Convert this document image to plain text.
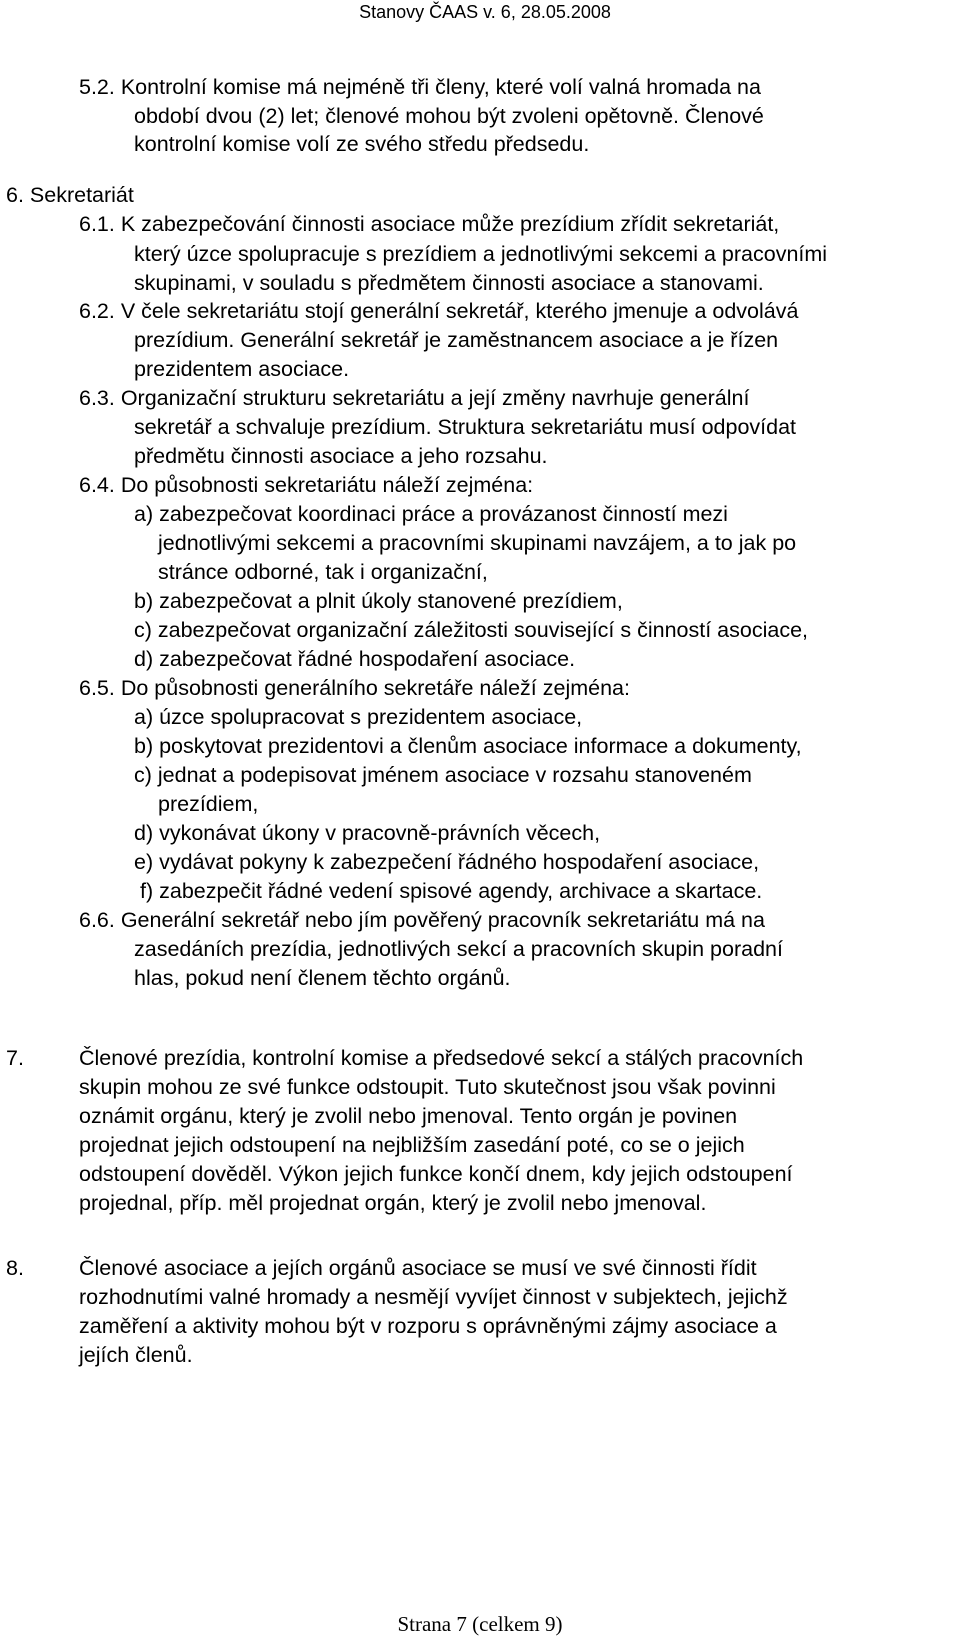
Stanovy ČAAS v. 6, 28.05.2008
5.2. Kontrolní komise má nejméně tři členy, které volí valná hromada na
období dvou (2) let; členové mohou být zvoleni opětovně. Členové
kontrolní komise volí ze svého středu předsedu.
6. Sekretariát
6.1. K zabezpečování činnosti asociace může prezídium zřídit sekretariát,
který úzce spolupracuje s prezídiem a jednotlivými sekcemi a pracovními
skupinami, v souladu s předmětem činnosti asociace a stanovami.
6.2. V čele sekretariátu stojí generální sekretář, kterého jmenuje a odvolává
prezídium. Generální sekretář je zaměstnancem asociace a je řízen
prezidentem asociace.
6.3. Organizační strukturu sekretariátu a její změny navrhuje generální
sekretář a schvaluje prezídium. Struktura sekretariátu musí odpovídat
předmětu činnosti asociace a jeho rozsahu.
6.4. Do působnosti sekretariátu náleží zejména:
a) zabezpečovat koordinaci práce a provázanost činností mezi
jednotlivými sekcemi a pracovními skupinami navzájem, a to jak po
stránce odborné, tak i organizační,
b) zabezpečovat a plnit úkoly stanovené prezídiem,
c) zabezpečovat organizační záležitosti související s činností asociace,
d) zabezpečovat řádné hospodaření asociace.
6.5. Do působnosti generálního sekretáře náleží zejména:
a) úzce spolupracovat s prezidentem asociace,
b) poskytovat prezidentovi a členům asociace informace a dokumenty,
c) jednat a podepisovat jménem asociace v rozsahu stanoveném
prezídiem,
d) vykonávat úkony v pracovně-právních věcech,
e) vydávat pokyny k zabezpečení řádného hospodaření asociace,
f) zabezpečit řádné vedení spisové agendy, archivace a skartace.
6.6. Generální sekretář nebo jím pověřený pracovník sekretariátu má na
zasedáních prezídia, jednotlivých sekcí a pracovních skupin poradní
hlas, pokud není členem těchto orgánů.
7.	Členové prezídia, kontrolní komise a předsedové sekcí a stálých pracovních
skupin mohou ze své funkce odstoupit. Tuto skutečnost jsou však povinni
oznámit orgánu, který je zvolil nebo jmenoval. Tento orgán je povinen
projednat jejich odstoupení na nejbližším zasedání poté, co se o jejich
odstoupení dověděl. Výkon jejich funkce končí dnem, kdy jejich odstoupení
projednal, příp. měl projednat orgán, který je zvolil nebo jmenoval.
8.	Členové asociace a jejích orgánů asociace se musí ve své činnosti řídit
rozhodnutími valné hromady a nesmějí vyvíjet činnost v subjektech, jejichž
zaměření a aktivity mohou být v rozporu s oprávněnými zájmy asociace a
jejích členů.
Strana 7 (celkem 9)
